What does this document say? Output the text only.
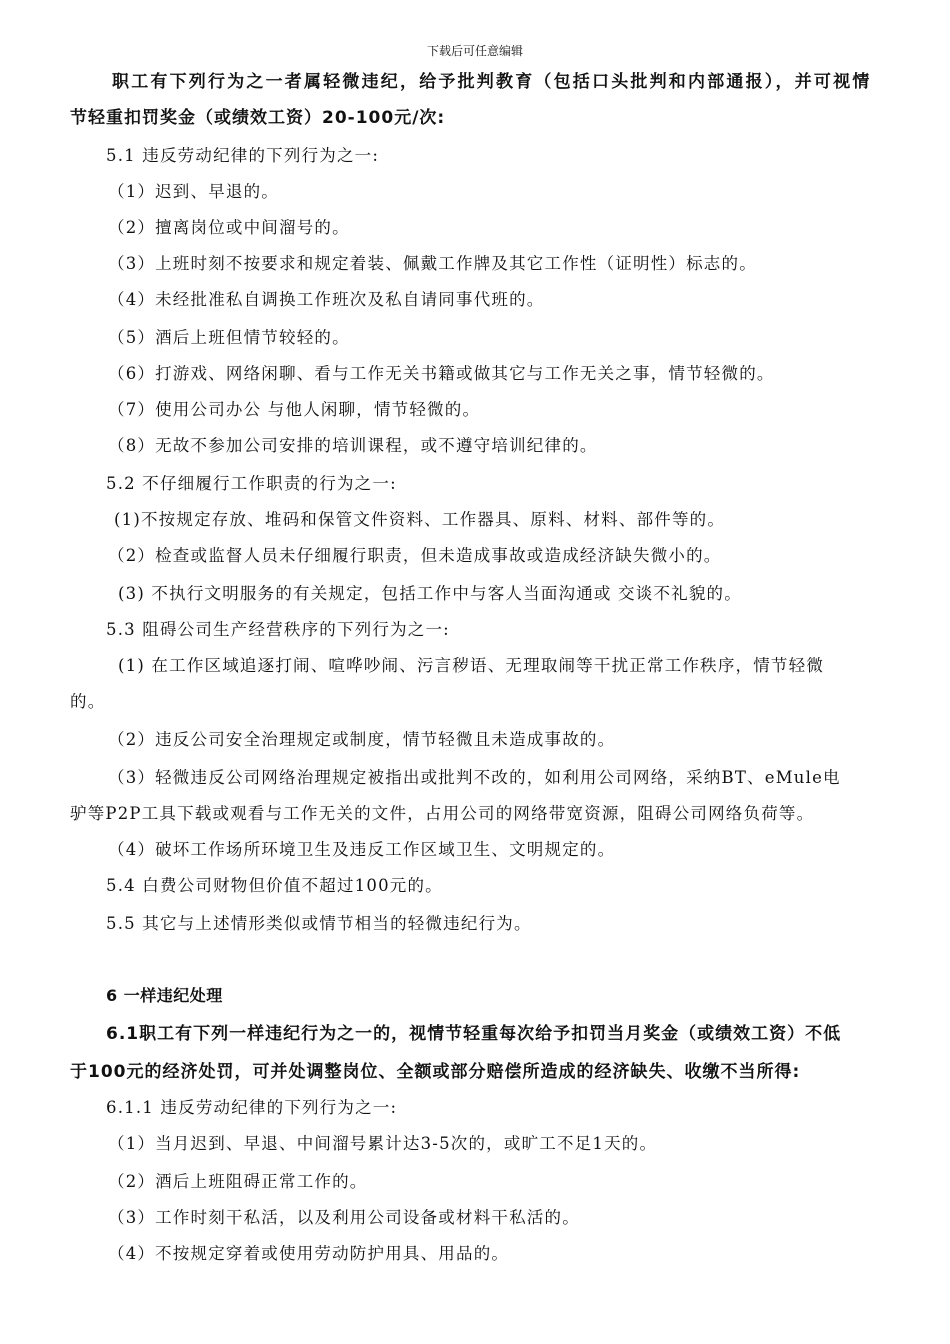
下载后可任意编辑
职工有下列行为之一者属轻微违纪，给予批判教育（包括口头批判和内部通报），并可视情
节轻重扣罚奖金（或绩效工资）20-100元/次:
5.1 违反劳动纪律的下列行为之一:
（1）迟到、早退的。
（2）擅离岗位或中间溜号的。
（3）上班时刻不按要求和规定着装、佩戴工作牌及其它工作性（证明性）标志的。
（4）未经批准私自调换工作班次及私自请同事代班的。
（5）酒后上班但情节较轻的。
（6）打游戏、网络闲聊、看与工作无关书籍或做其它与工作无关之事，情节轻微的。
（7）使用公司办公 与他人闲聊，情节轻微的。
（8）无故不参加公司安排的培训课程，或不遵守培训纪律的。
5.2 不仔细履行工作职责的行为之一:
(1)不按规定存放、堆码和保管文件资料、工作器具、原料、材料、部件等的。
（2）检查或监督人员未仔细履行职责，但未造成事故或造成经济缺失微小的。
(3) 不执行文明服务的有关规定，包括工作中与客人当面沟通或 交谈不礼貌的。
5.3 阻碍公司生产经营秩序的下列行为之一:
(1) 在工作区域追逐打闹、喧哗吵闹、污言秽语、无理取闹等干扰正常工作秩序，情节轻微
的。
（2）违反公司安全治理规定或制度，情节轻微且未造成事故的。
（3）轻微违反公司网络治理规定被指出或批判不改的，如利用公司网络，采纳BT、eMule电
驴等P2P工具下载或观看与工作无关的文件，占用公司的网络带宽资源，阻碍公司网络负荷等。
（4）破坏工作场所环境卫生及违反工作区域卫生、文明规定的。
5.4 白费公司财物但价值不超过100元的。
5.5 其它与上述情形类似或情节相当的轻微违纪行为。
6 一样违纪处理
6.1职工有下列一样违纪行为之一的，视情节轻重每次给予扣罚当月奖金（或绩效工资）不低
于100元的经济处罚，可并处调整岗位、全额或部分赔偿所造成的经济缺失、收缴不当所得:
6.1.1 违反劳动纪律的下列行为之一:
（1）当月迟到、早退、中间溜号累计达3-5次的，或旷工不足1天的。
（2）酒后上班阻碍正常工作的。
（3）工作时刻干私活，以及利用公司设备或材料干私活的。
（4）不按规定穿着或使用劳动防护用具、用品的。
